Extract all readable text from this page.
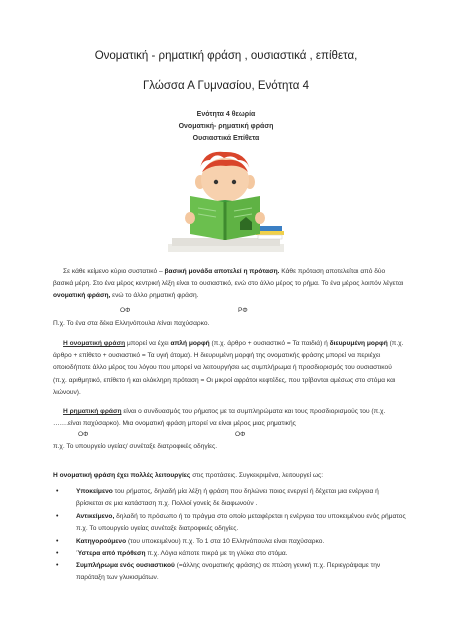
Ονοματική - ρηματική φράση , ουσιαστικά , επίθετα,
Γλώσσα Α Γυμνασίου, Ενότητα 4
Ενότητα 4 θεωρία
Ονοματική- ρηματική φράση
Ουσιαστικά Επίθετα

Σε κάθε κείμενο κύριο συστατικό – βασική μονάδα αποτελεί η πρόταση. Κάθε πρόταση αποτελείται από δύο βασικά μέρη. Στο ένα μέρος κεντρική λέξη είναι το ουσιαστικό, ενώ στο άλλο μέρος το ρήμα. Το ένα μέρος λοιπόν λέγεται ονοματική φράση, ενώ το άλλο ρηματική φράση.

ΟΦ	ΡΦ
Π.χ. Το ένα στα δέκα Ελληνόπουλα /είναι παχύσαρκο.

Η ονοματική φράση μπορεί να έχει απλή μορφή (π.χ. άρθρο + ουσιαστικό = Τα παιδιά) ή διευρυμένη μορφή (π.χ. άρθρο + επίθετο + ουσιαστικό = Τα υγιή άτομα). Η διευρυμένη μορφή της ονοματικής φράσης μπορεί να περιέχει οποιοδήποτε άλλο μέρος του λόγου που μπορεί να λειτουργήσει ως συμπλήρωμα ή προσδιορισμός του ουσιαστικού (π.χ. αριθμητικό, επίθετο ή και ολόκληρη πρόταση = Οι μικροί αφράτοι κεφτέδες, που τρίβονται αμέσως στο στόμα και λιώνουν).

Η ρηματική φράση είναι ο συνδυασμός του ρήματος με τα συμπληρώματα και τους προσδιορισμούς του (π.χ. …….είναι παχύσαρκο). Μια ονοματική φράση μπορεί να είναι μέρος μιας ρηματικής

ΟΦ	ΟΦ
π.χ. Το υπουργείο υγείας/ συνέταξε διατροφικές οδηγίες.

Η ονοματική φράση έχει πολλές λειτουργίες στις προτάσεις. Συγκεκριμένα, λειτουργεί ως:

•	Υποκείμενο του ρήματος, δηλαδή μία λέξη ή φράση που δηλώνει ποιος ενεργεί ή δέχεται μια ενέργεια ή βρίσκεται σε μια κατάσταση π.χ. Πολλοί γονείς δε διαφωνούν .

•	Αντικείμενο, δηλαδή το πρόσωπο ή το πράγμα στο οποίο μεταφέρεται η ενέργεια του υποκειμένου ενός ρήματος π.χ. Το υπουργείο υγείας συνέταξε διατροφικές οδηγίες.

•	Κατηγορούμενο (του υποκειμένου) π.χ. Το 1 στα 10 Ελληνόπουλα είναι παχύσαρκο.

•	Ύστερα από πρόθεση π.χ. Λόγια κάποτε πικρά με τη γλύκα στο στόμα.

•	Συμπλήρωμα ενός ουσιαστικού (=άλλης ονοματικής φράσης) σε πτώση γενική π.χ. Περιεγράψαμε την παράταξη των γλυκισμάτων.
